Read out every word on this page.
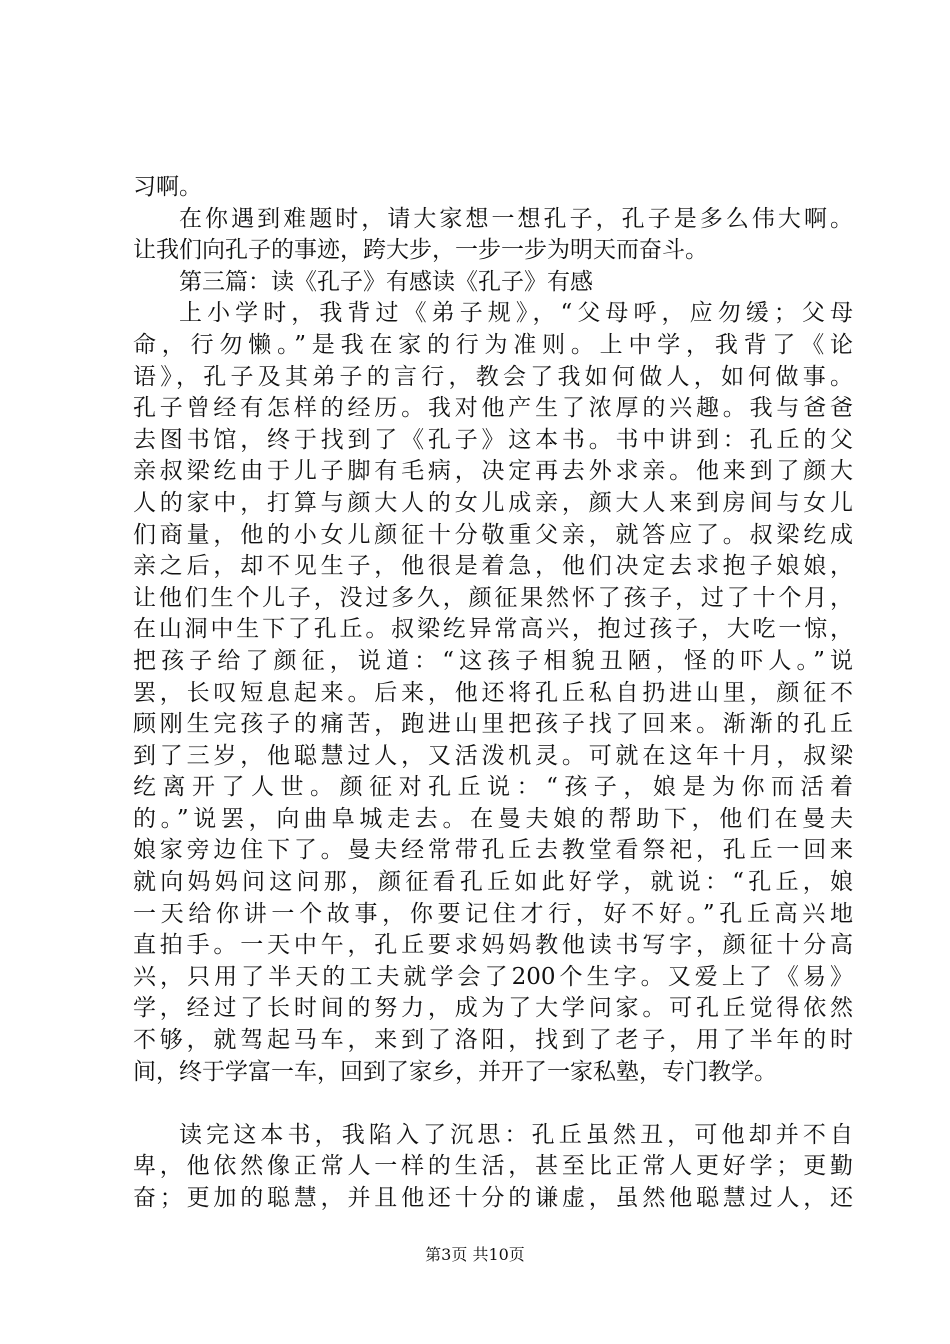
习啊。
在你遇到难题时，请大家想一想孔子，孔子是多么伟大啊。
让我们向孔子的事迹，跨大步，一步一步为明天而奋斗。
第三篇：读《孔子》有感读《孔子》有感
上小学时，我背过《弟子规》，“父母呼，应勿缓；父母
命，行勿懒。”是我在家的行为准则。上中学，我背了《论
语》，孔子及其弟子的言行，教会了我如何做人，如何做事。
孔子曾经有怎样的经历。我对他产生了浓厚的兴趣。我与爸爸
去图书馆，终于找到了《孔子》这本书。书中讲到：孔丘的父
亲叔梁纥由于儿子脚有毛病，决定再去外求亲。他来到了颜大
人的家中，打算与颜大人的女儿成亲，颜大人来到房间与女儿
们商量，他的小女儿颜征十分敬重父亲，就答应了。叔梁纥成
亲之后，却不见生子，他很是着急，他们决定去求抱子娘娘，
让他们生个儿子，没过多久，颜征果然怀了孩子，过了十个月，
在山洞中生下了孔丘。叔梁纥异常高兴，抱过孩子，大吃一惊，
把孩子给了颜征，说道：“这孩子相貌丑陋，怪的吓人。”说
罢，长叹短息起来。后来，他还将孔丘私自扔进山里，颜征不
顾刚生完孩子的痛苦，跑进山里把孩子找了回来。渐渐的孔丘
到了三岁，他聪慧过人，又活泼机灵。可就在这年十月，叔梁
纥离开了人世。颜征对孔丘说：“孩子，娘是为你而活着
的。”说罢，向曲阜城走去。在曼夫娘的帮助下，他们在曼夫
娘家旁边住下了。曼夫经常带孔丘去教堂看祭祀，孔丘一回来
就向妈妈问这问那，颜征看孔丘如此好学，就说：“孔丘，娘
一天给你讲一个故事，你要记住才行，好不好。”孔丘高兴地
直拍手。一天中午，孔丘要求妈妈教他读书写字，颜征十分高
兴，只用了半天的工夫就学会了200个生字。又爱上了《易》
学，经过了长时间的努力，成为了大学问家。可孔丘觉得依然
不够，就驾起马车，来到了洛阳，找到了老子，用了半年的时
间，终于学富一车，回到了家乡，并开了一家私塾，专门教学。
读完这本书，我陷入了沉思：孔丘虽然丑，可他却并不自
卑，他依然像正常人一样的生活，甚至比正常人更好学；更勤
奋；更加的聪慧，并且他还十分的谦虚，虽然他聪慧过人，还
第3页 共10页
